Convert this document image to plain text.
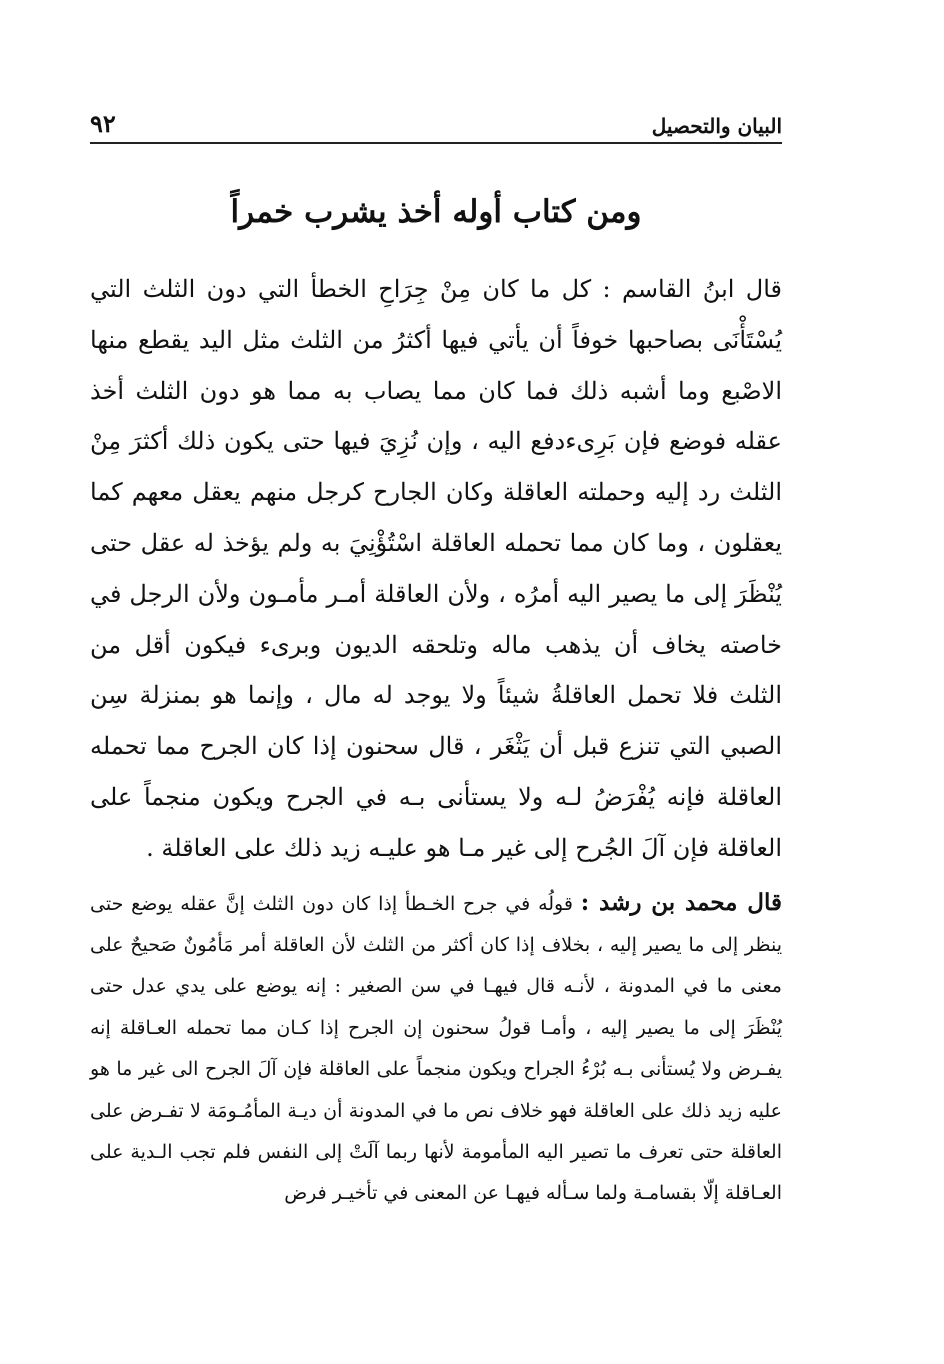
البيان والتحصيل
٩٢
ومن كتاب أوله أخذ يشرب خمراً

قال ابنُ القاسم : كل ما كان مِنْ جِرَاحِ الخطأ التي دون الثلث التي يُسْتَأْنَى بصاحبها خوفاً أن يأتي فيها أكثرُ من الثلث مثل اليد يقطع منها الاصْبع وما أشبه ذلك فما كان مما يصاب به مما هو دون الثلث أخذ عقله فوضع فإن بَرِىءدفع اليه ، وإن نُزِيَ فيها حتى يكون ذلك أكثرَ مِنْ الثلث رد إليه وحملته العاقلة وكان الجارح كرجل منهم يعقل معهم كما يعقلون ، وما كان مما تحمله العاقلة اسْتُؤْنِيَ به ولم يؤخذ له عقل حتى يُنْظَرَ إلى ما يصير اليه أمرُه ، ولأن العاقلة أمـر مأمـون ولأن الرجل في خاصته يخاف أن يذهب ماله وتلحقه الديون وبرىء فيكون أقل من الثلث فلا تحمل العاقلةُ شيئاً ولا يوجد له مال ، وإنما هو بمنزلة سِن الصبي التي تنزع قبل أن يَثْغَر ، قال سحنون إذا كان الجرح مما تحمله العاقلة فإنه يُفْرَضُ لـه ولا يستأنى بـه في الجرح ويكون منجماً على العاقلة فإن آلَ الجُرح إلى غير مـا هو عليـه زيد ذلك على العاقلة .

قال محمد بن رشد : قولُه في جرح الخـطأ إذا كان دون الثلث إنَّ عقله يوضع حتى ينظر إلى ما يصير إليه ، بخلاف إذا كان أكثر من الثلث لأن العاقلة أمر مَأمُونٌ صَحيحٌ على معنى ما في المدونة ، لأنـه قال فيهـا في سن الصغير : إنه يوضع على يدي عدل حتى يُنْظَرَ إلى ما يصير إليه ، وأمـا قولُ سحنون إن الجرح إذا كـان مما تحمله العـاقلة إنه يفـرض ولا يُستأنى بـه بُرْءُ الجراح ويكون منجماً على العاقلة فإن آلَ الجرح الى غير ما هو عليه زيد ذلك على العاقلة فهو خلاف نص ما في المدونة أن ديـة المأمُـومَة لا تفـرض على العاقلة حتى تعرف ما تصير اليه المأمومة لأنها ربما آلَتْ إلى النفس فلم تجب الـدية على العـاقلة إلّا بقسامـة ولما سـأله فيهـا عن المعنى في تأخيـر فرض
